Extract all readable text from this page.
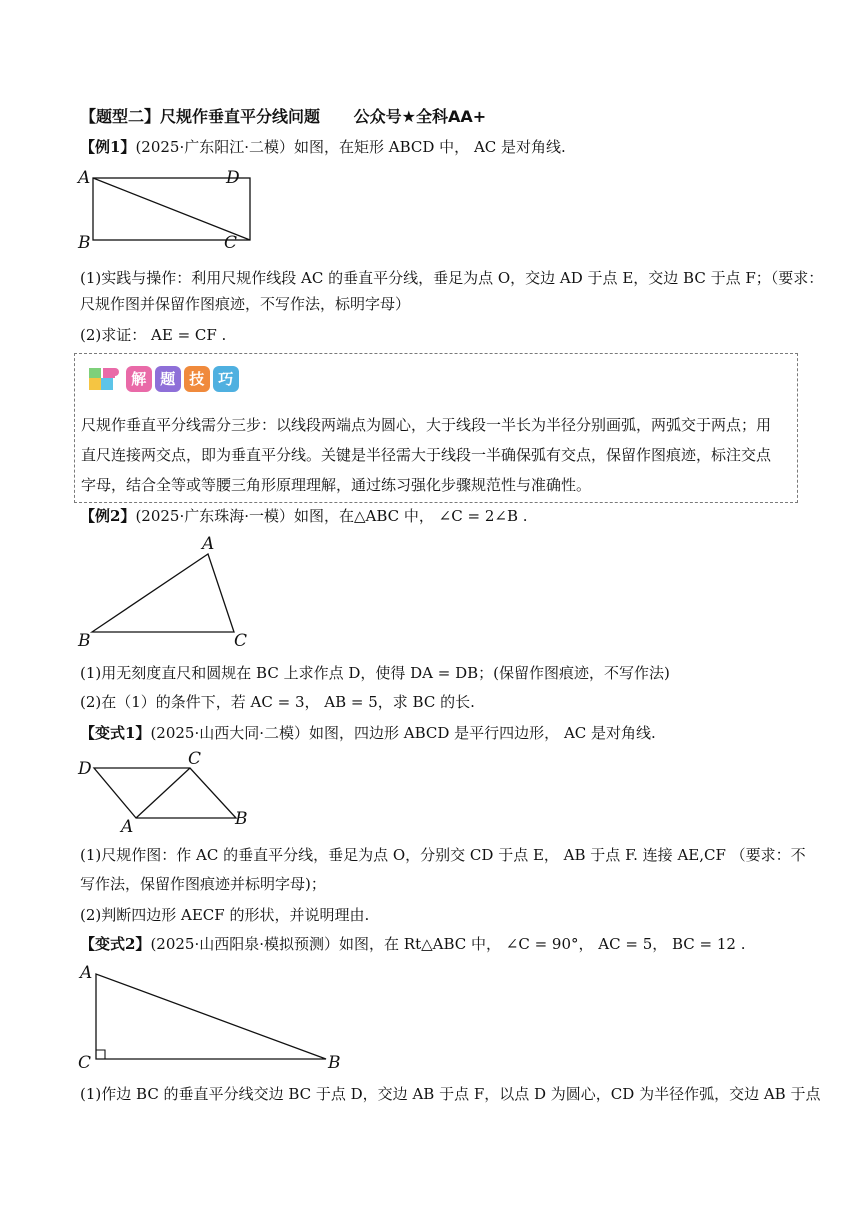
【题型二】尺规作垂直平分线问题 公众号★全科AA+
【例1】(2025·广东阳江·二模）如图，在矩形 ABCD 中， AC 是对角线.
A	D
B	C
(1)实践与操作：利用尺规作线段 AC 的垂直平分线，垂足为点 O，交边 AD 于点 E，交边 BC 于点 F；（要求：
尺规作图并保留作图痕迹，不写作法，标明字母）
(2)求证： AE = CF .
解 题 技 巧
尺规作垂直平分线需分三步：以线段两端点为圆心，大于线段一半长为半径分别画弧，两弧交于两点；用
直尺连接两交点，即为垂直平分线。关键是半径需大于线段一半确保弧有交点，保留作图痕迹，标注交点
字母，结合全等或等腰三角形原理理解，通过练习强化步骤规范性与准确性。
【例2】(2025·广东珠海·一模）如图，在△ABC 中， ∠C = 2∠B .
A
B	C
(1)用无刻度直尺和圆规在 BC 上求作点 D，使得 DA = DB；(保留作图痕迹，不写作法)
(2)在（1）的条件下，若 AC = 3， AB = 5，求 BC 的长.
【变式1】(2025·山西大同·二模）如图，四边形 ABCD 是平行四边形， AC 是对角线.
D	C
A	B
(1)尺规作图：作 AC 的垂直平分线，垂足为点 O，分别交 CD 于点 E， AB 于点 F. 连接 AE,CF （要求：不
写作法，保留作图痕迹并标明字母)；
(2)判断四边形 AECF 的形状，并说明理由.
【变式2】(2025·山西阳泉·模拟预测）如图，在 Rt△ABC 中， ∠C = 90°， AC = 5， BC = 12 .
A
C	B
(1)作边 BC 的垂直平分线交边 BC 于点 D，交边 AB 于点 F，以点 D 为圆心，CD 为半径作弧，交边 AB 于点
